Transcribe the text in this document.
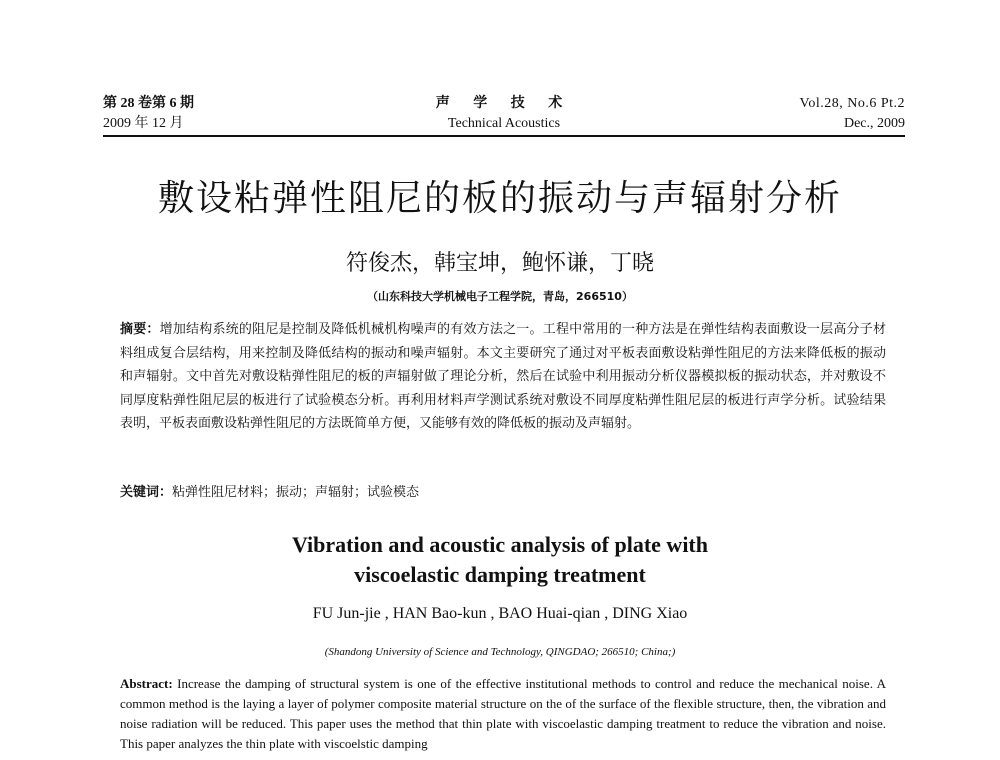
第 28 卷第 6 期
2009 年 12 月
声 学 技 术
Technical Acoustics
Vol.28, No.6 Pt.2
Dec., 2009
敷设粘弹性阻尼的板的振动与声辐射分析
符俊杰，韩宝坤，鲍怀谦，丁晓
（山东科技大学机械电子工程学院，青岛，266510）

摘要：增加结构系统的阻尼是控制及降低机械机构噪声的有效方法之一。工程中常用的一种方法是在弹性结构表面敷设一层高分子材料组成复合层结构，用来控制及降低结构的振动和噪声辐射。本文主要研究了通过对平板表面敷设粘弹性阻尼的方法来降低板的振动和声辐射。文中首先对敷设粘弹性阻尼的板的声辐射做了理论分析，然后在试验中利用振动分析仪器模拟板的振动状态，并对敷设不同厚度粘弹性阻尼层的板进行了试验模态分析。再利用材料声学测试系统对敷设不同厚度粘弹性阻尼层的板进行声学分析。试验结果表明，平板表面敷设粘弹性阻尼的方法既简单方便，又能够有效的降低板的振动及声辐射。

关键词：粘弹性阻尼材料；振动；声辐射；试验模态

Vibration and acoustic analysis of plate with
viscoelastic damping treatment
FU Jun-jie , HAN Bao-kun , BAO Huai-qian , DING Xiao
(Shandong University of Science and Technology, QINGDAO; 266510; China;)

Abstract: Increase the damping of structural system is one of the effective institutional methods to control and reduce the mechanical noise. A common method is the laying a layer of polymer composite material structure on the of the surface of the flexible structure, then, the vibration and noise radiation will be reduced. This paper uses the method that thin plate with viscoelastic damping treatment to reduce the vibration and noise. This paper analyzes the thin plate with viscoelstic damping
